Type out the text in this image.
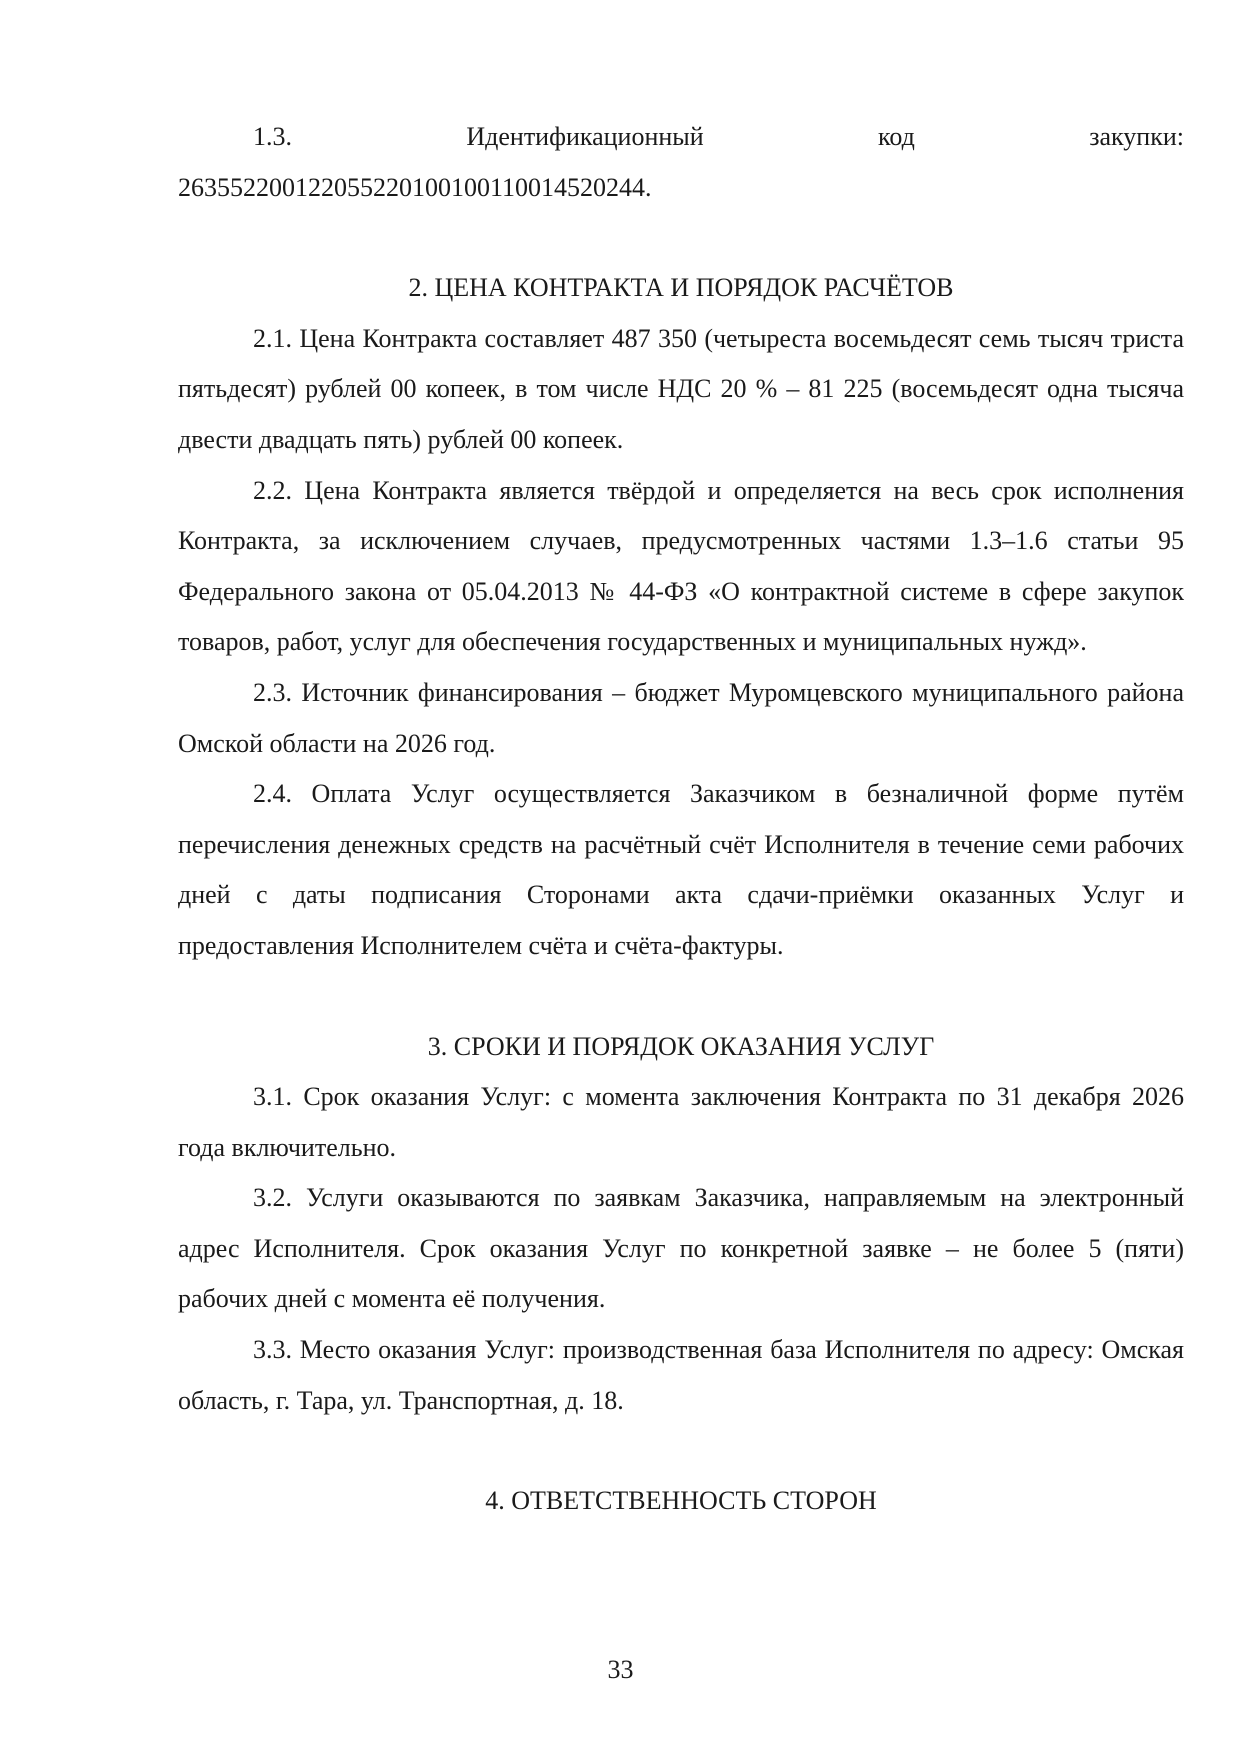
1.3.	Идентификационный	код	закупки:

263552200122055220100100110014520244.

2. ЦЕНА КОНТРАКТА И ПОРЯДОК РАСЧЁТОВ

2.1. Цена Контракта составляет 487 350 (четыреста восемьдесят семь тысяч триста пятьдесят) рублей 00 копеек, в том числе НДС 20 % – 81 225 (восемьдесят одна тысяча двести двадцать пять) рублей 00 копеек.

2.2. Цена Контракта является твёрдой и определяется на весь срок исполнения Контракта, за исключением случаев, предусмотренных частями 1.3–1.6 статьи 95 Федерального закона от 05.04.2013 № 44-ФЗ «О контрактной системе в сфере закупок товаров, работ, услуг для обеспечения государственных и муниципальных нужд».

2.3. Источник финансирования – бюджет Муромцевского муниципального района Омской области на 2026 год.

2.4. Оплата Услуг осуществляется Заказчиком в безналичной форме путём перечисления денежных средств на расчётный счёт Исполнителя в течение семи рабочих дней с даты подписания Сторонами акта сдачи-приёмки оказанных Услуг и предоставления Исполнителем счёта и счёта-фактуры.

3. СРОКИ И ПОРЯДОК ОКАЗАНИЯ УСЛУГ

3.1. Срок оказания Услуг: с момента заключения Контракта по 31 декабря 2026 года включительно.

3.2. Услуги оказываются по заявкам Заказчика, направляемым на электронный адрес Исполнителя. Срок оказания Услуг по конкретной заявке – не более 5 (пяти) рабочих дней с момента её получения.

3.3. Место оказания Услуг: производственная база Исполнителя по адресу: Омская область, г. Тара, ул. Транспортная, д. 18.

4. ОТВЕТСТВЕННОСТЬ СТОРОН

33
